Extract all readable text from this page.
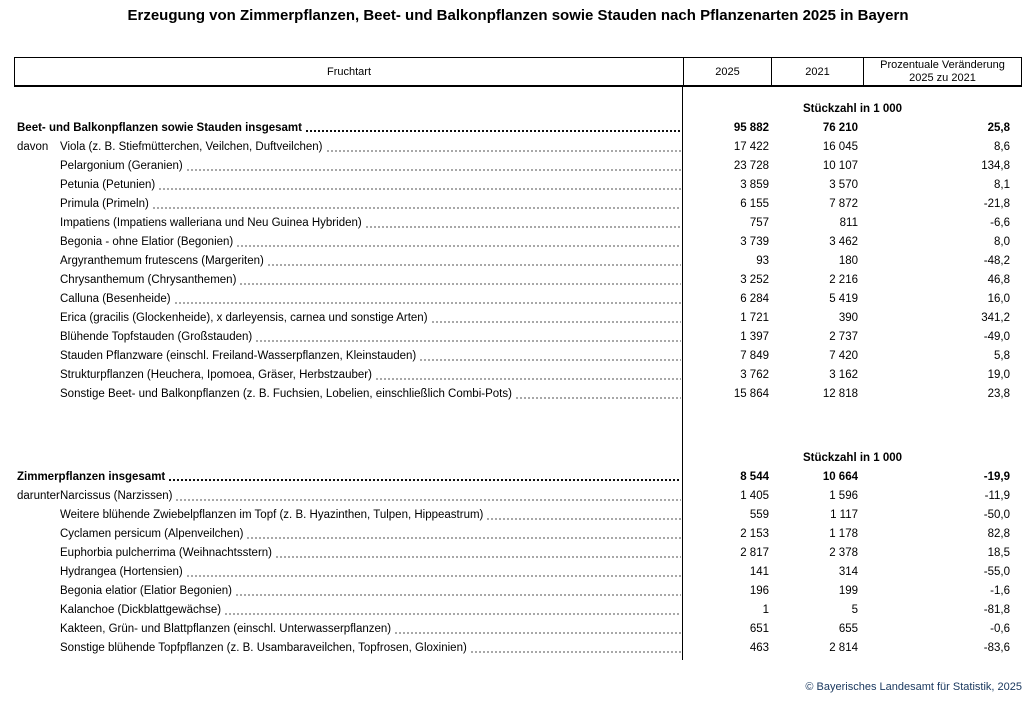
Erzeugung von Zimmerpflanzen, Beet- und Balkonpflanzen sowie Stauden nach Pflanzenarten 2025 in Bayern
Fruchtart	2025	2021
Prozentuale Veränderung
2025 zu 2021
Stückzahl in 1 000
Beet- und Balkonpflanzen sowie Stauden insgesamt	95 882	76 210	25,8
davon	Viola (z. B. Stiefmütterchen, Veilchen, Duftveilchen)	17 422	16 045	8,6
Pelargonium (Geranien)	23 728	10 107	134,8
Petunia (Petunien)	3 859	3 570	8,1
Primula (Primeln)	6 155	7 872	-21,8
Impatiens (Impatiens walleriana und Neu Guinea Hybriden)	757	811	-6,6
Begonia - ohne Elatior (Begonien)	3 739	3 462	8,0
Argyranthemum frutescens (Margeriten)	93	180	-48,2
Chrysanthemum (Chrysanthemen)	3 252	2 216	46,8
Calluna (Besenheide)	6 284	5 419	16,0
Erica (gracilis (Glockenheide), x darleyensis, carnea und sonstige Arten)	1 721	390	341,2
Blühende Topfstauden (Großstauden)	1 397	2 737	-49,0
Stauden Pflanzware (einschl. Freiland-Wasserpflanzen, Kleinstauden)	7 849	7 420	5,8
Strukturpflanzen (Heuchera, Ipomoea, Gräser, Herbstzauber)	3 762	3 162	19,0
Sonstige Beet- und Balkonpflanzen (z. B. Fuchsien, Lobelien, einschließlich Combi-Pots)	15 864	12 818	23,8
Stückzahl in 1 000
Zimmerpflanzen insgesamt	8 544	10 664	-19,9
darunter Narcissus (Narzissen)	1 405	1 596	-11,9
Weitere blühende Zwiebelpflanzen im Topf (z. B. Hyazinthen, Tulpen, Hippeastrum)	559	1 117	-50,0
Cyclamen persicum (Alpenveilchen)	2 153	1 178	82,8
Euphorbia pulcherrima (Weihnachtsstern)	2 817	2 378	18,5
Hydrangea (Hortensien)	141	314	-55,0
Begonia elatior (Elatior Begonien)	196	199	-1,6
Kalanchoe (Dickblattgewächse)	1	5	-81,8
Kakteen, Grün- und Blattpflanzen (einschl. Unterwasserpflanzen)	651	655	-0,6
Sonstige blühende Topfpflanzen (z. B. Usambaraveilchen, Topfrosen, Gloxinien)	463	2 814	-83,6
© Bayerisches Landesamt für Statistik, 2025
